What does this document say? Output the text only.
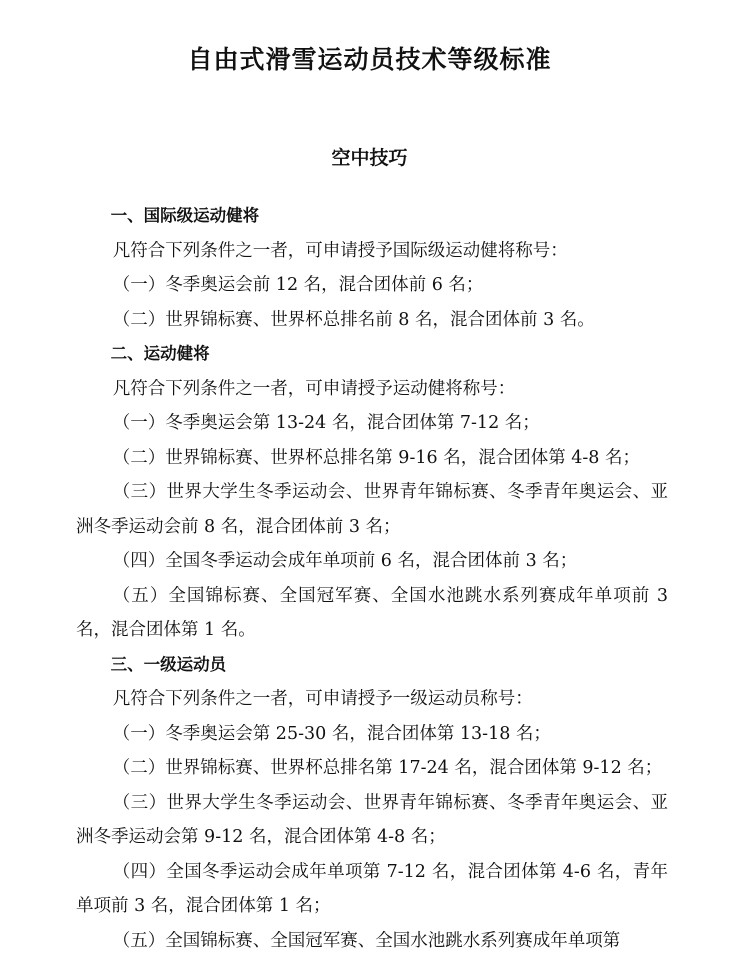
自由式滑雪运动员技术等级标准
空中技巧

一、国际级运动健将

凡符合下列条件之一者，可申请授予国际级运动健将称号：

（一）冬季奥运会前 12 名，混合团体前 6 名；

（二）世界锦标赛、世界杯总排名前 8 名，混合团体前 3 名。

二、运动健将

凡符合下列条件之一者，可申请授予运动健将称号：

（一）冬季奥运会第 13-24 名，混合团体第 7-12 名；

（二）世界锦标赛、世界杯总排名第 9-16 名，混合团体第 4-8 名；

（三）世界大学生冬季运动会、世界青年锦标赛、冬季青年奥运会、亚洲冬季运动会前 8 名，混合团体前 3 名；

（四）全国冬季运动会成年单项前 6 名，混合团体前 3 名；

（五）全国锦标赛、全国冠军赛、全国水池跳水系列赛成年单项前 3 名，混合团体第 1 名。

三、一级运动员

凡符合下列条件之一者，可申请授予一级运动员称号：

（一）冬季奥运会第 25-30 名，混合团体第 13-18 名；

（二）世界锦标赛、世界杯总排名第 17-24 名，混合团体第 9-12 名；

（三）世界大学生冬季运动会、世界青年锦标赛、冬季青年奥运会、亚洲冬季运动会第 9-12 名，混合团体第 4-8 名；

（四）全国冬季运动会成年单项第 7-12 名，混合团体第 4-6 名，青年单项前 3 名，混合团体第 1 名；

（五）全国锦标赛、全国冠军赛、全国水池跳水系列赛成年单项第
